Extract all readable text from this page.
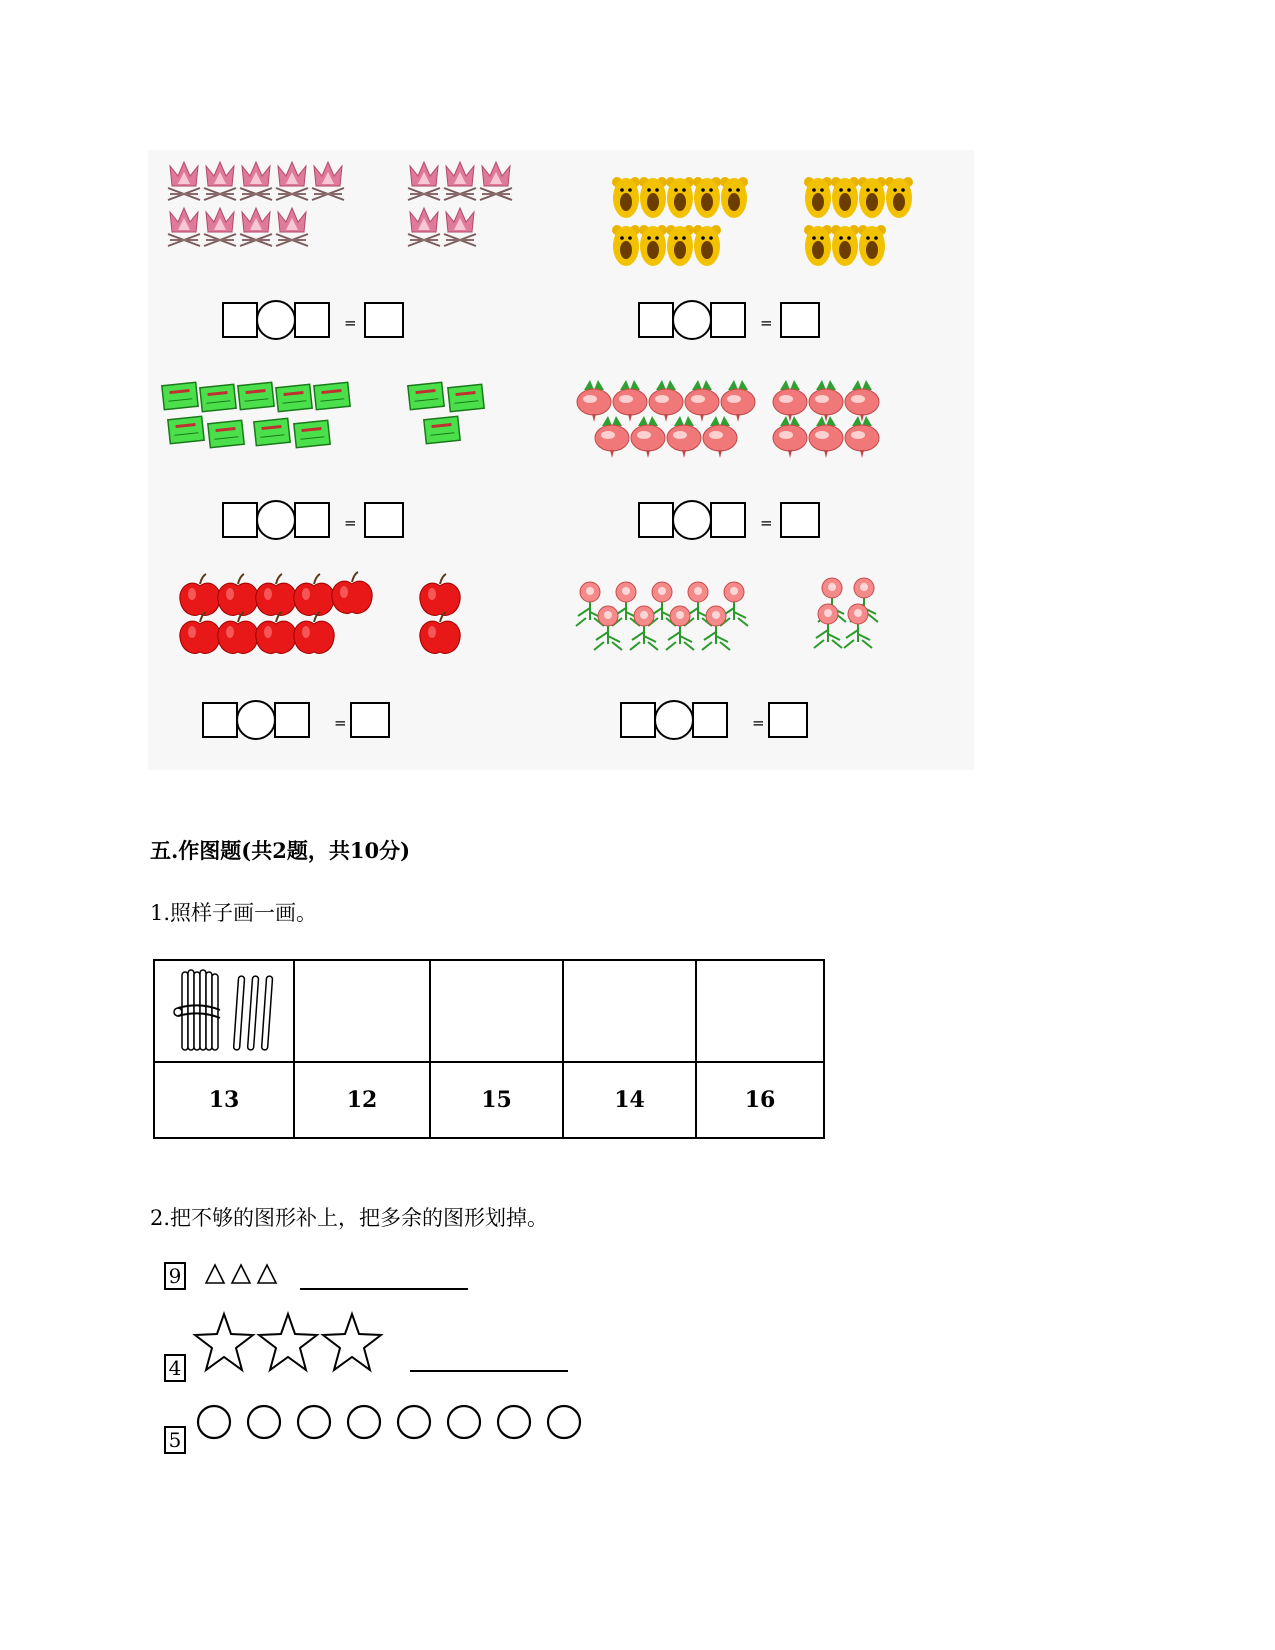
=	=
=	=
=	=
五.作图题(共2题，共10分)
1.照样子画一画。

13	12	15	14	16
2.把不够的图形补上，把多余的图形划掉。
9
4
5
